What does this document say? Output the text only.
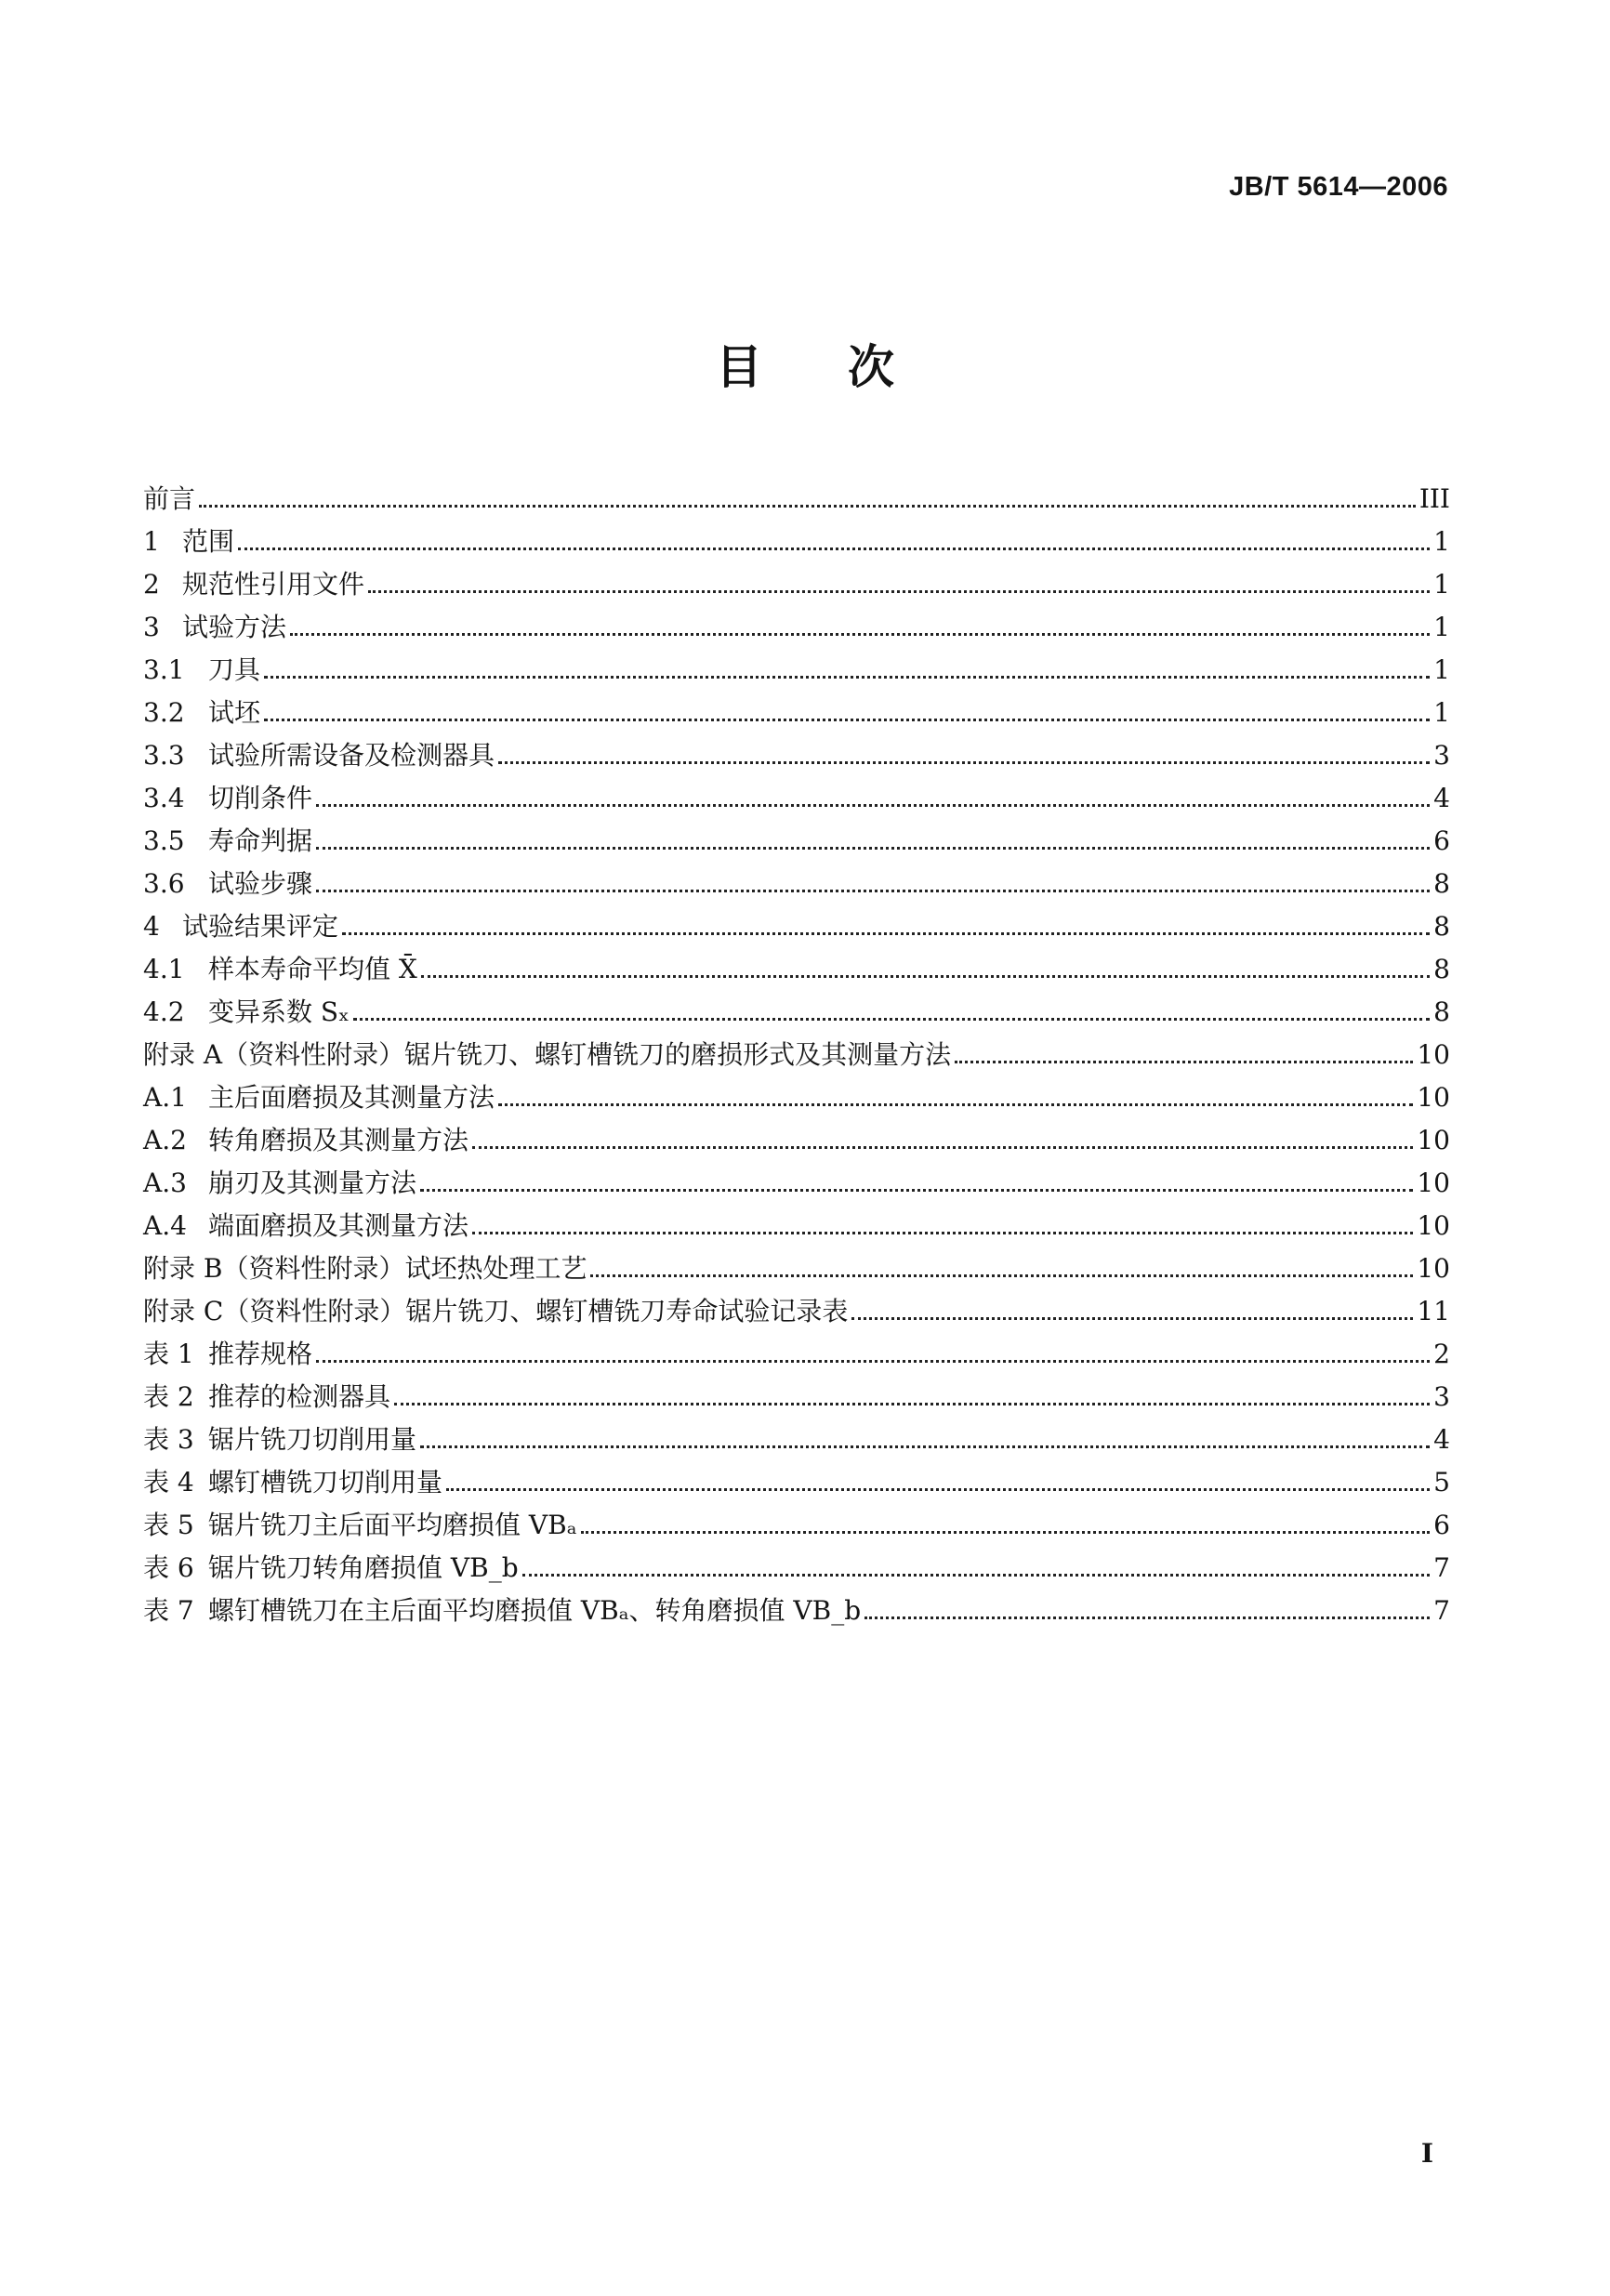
JB/T 5614—2006
目 次
前言	III
1 范围	1
2 规范性引用文件	1
3 试验方法	1
3.1 刀具	1
3.2 试坯	1
3.3 试验所需设备及检测器具	3
3.4 切削条件	4
3.5 寿命判据	6
3.6 试验步骤	8
4 试验结果评定	8
4.1 样本寿命平均值 X̄	8
4.2 变异系数 Sₓ	8
附录 A（资料性附录）锯片铣刀、螺钉槽铣刀的磨损形式及其测量方法	10
A.1 主后面磨损及其测量方法	10
A.2 转角磨损及其测量方法	10
A.3 崩刃及其测量方法	10
A.4 端面磨损及其测量方法	10
附录 B（资料性附录）试坯热处理工艺	10
附录 C（资料性附录）锯片铣刀、螺钉槽铣刀寿命试验记录表	11
表 1 推荐规格	2
表 2 推荐的检测器具	3
表 3 锯片铣刀切削用量	4
表 4 螺钉槽铣刀切削用量	5
表 5 锯片铣刀主后面平均磨损值 VBₐ	6
表 6 锯片铣刀转角磨损值 VB_b	7
表 7 螺钉槽铣刀在主后面平均磨损值 VBₐ、转角磨损值 VB_b	7
I
